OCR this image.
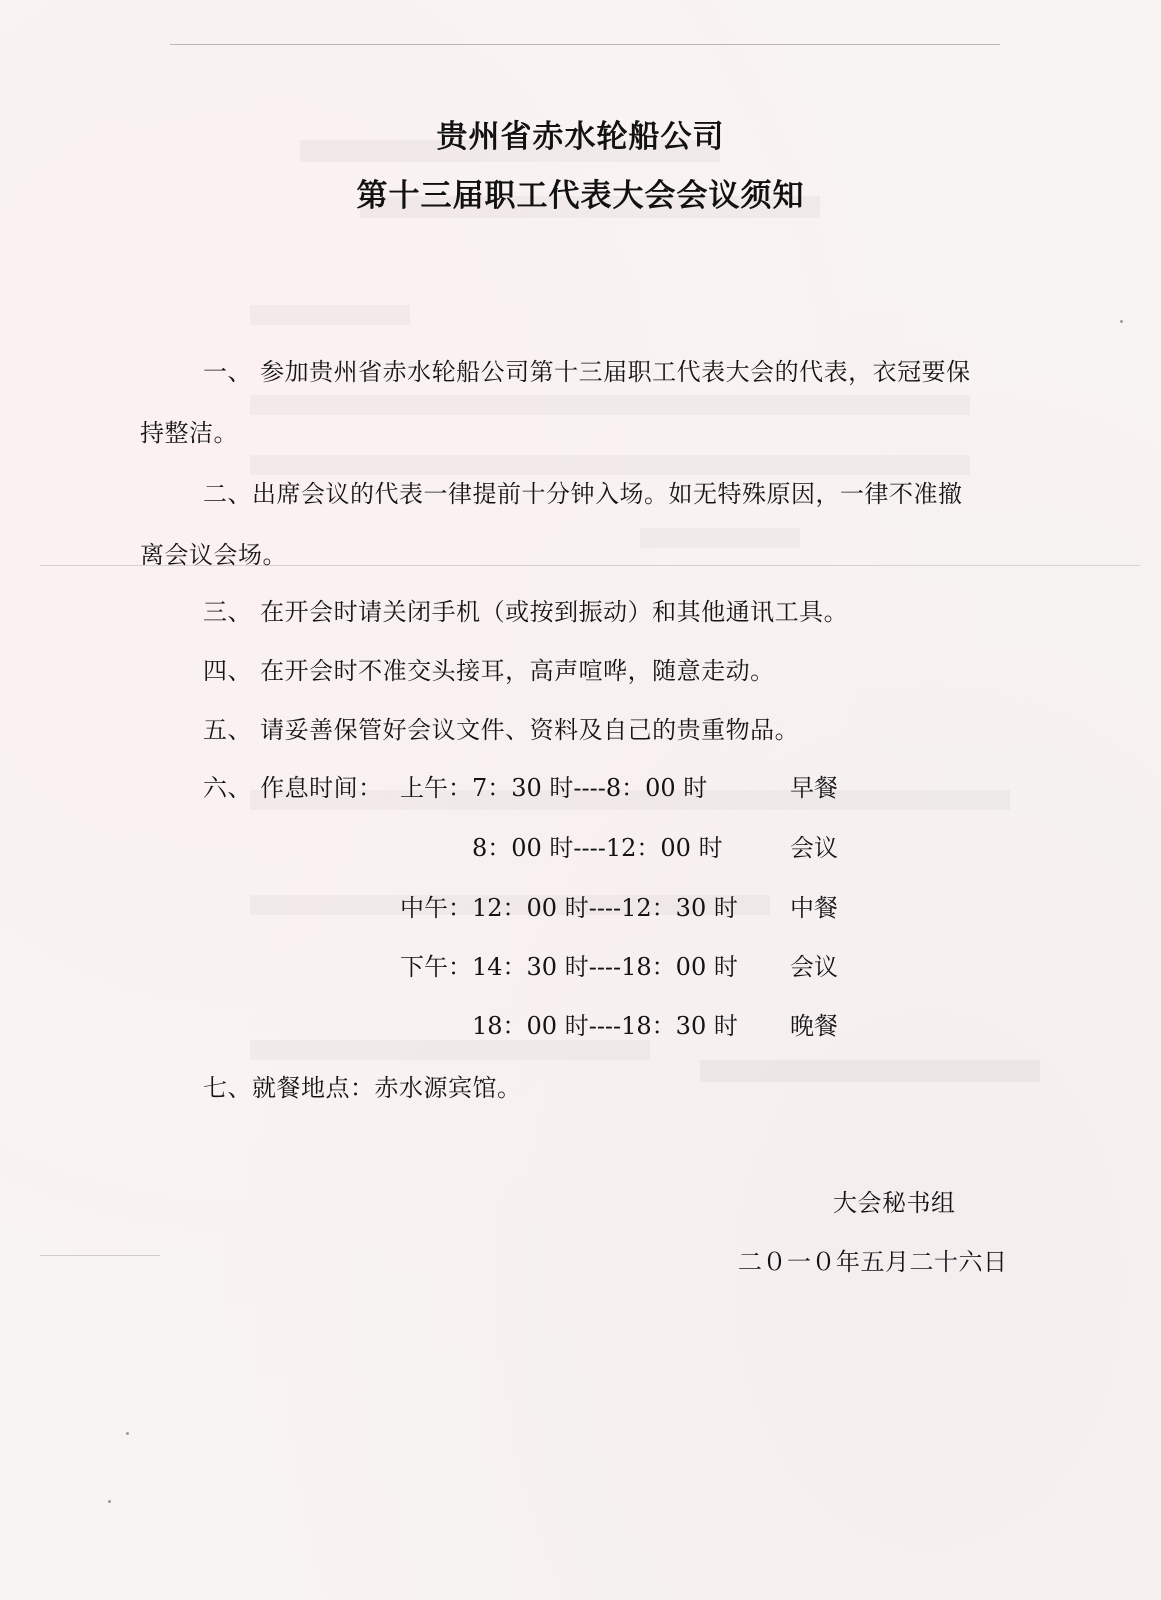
贵州省赤水轮船公司
第十三届职工代表大会会议须知
一、 参加贵州省赤水轮船公司第十三届职工代表大会的代表，衣冠要保
持整洁。
二、出席会议的代表一律提前十分钟入场。如无特殊原因，一律不准撤
离会议会场。
三、 在开会时请关闭手机（或按到振动）和其他通讯工具。
四、 在开会时不准交头接耳，高声喧哗，随意走动。
五、 请妥善保管好会议文件、资料及自己的贵重物品。
六、 作息时间： 上午： 7：30 时----8：00 时	早餐
8：00 时----12：00 时	会议
中午： 12：00 时----12：30 时 中餐
下午： 14：30 时----18：00 时 会议
18：00 时----18：30 时 晚餐
七、就餐地点：赤水源宾馆。
大会秘书组
二０一０年五月二十六日
